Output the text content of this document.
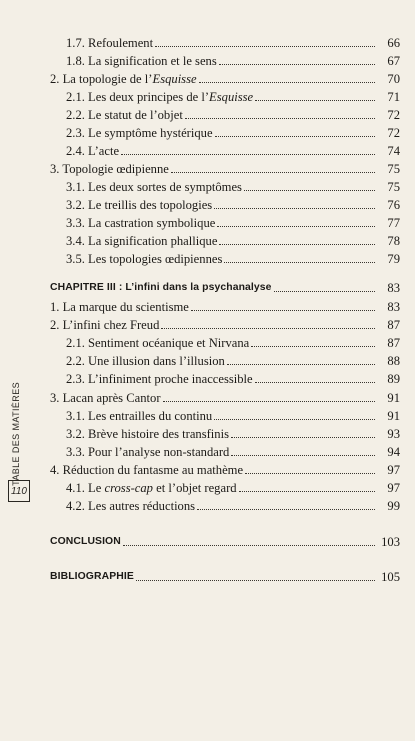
TABLE DES MATIÈRES
110
1.7. Refoulement	66
1.8. La signification et le sens	67
2. La topologie de l’Esquisse	70
2.1. Les deux principes de l’Esquisse	71
2.2. Le statut de l’objet	72
2.3. Le symptôme hystérique	72
2.4. L’acte	74
3. Topologie œdipienne	75
3.1. Les deux sortes de symptômes	75
3.2. Le treillis des topologies	76
3.3. La castration symbolique	77
3.4. La signification phallique	78
3.5. Les topologies œdipiennes	79
CHAPITRE III : L’infini dans la psychanalyse	83
1. La marque du scientisme	83
2. L’infini chez Freud	87
2.1. Sentiment océanique et Nirvana	87
2.2. Une illusion dans l’illusion	88
2.3. L’infiniment proche inaccessible	89
3. Lacan après Cantor	91
3.1. Les entrailles du continu	91
3.2. Brève histoire des transfinis	93
3.3. Pour l’analyse non-standard	94
4. Réduction du fantasme au mathème	97
4.1. Le cross-cap et l’objet regard	97
4.2. Les autres réductions	99
CONCLUSION	103
BIBLIOGRAPHIE	105
